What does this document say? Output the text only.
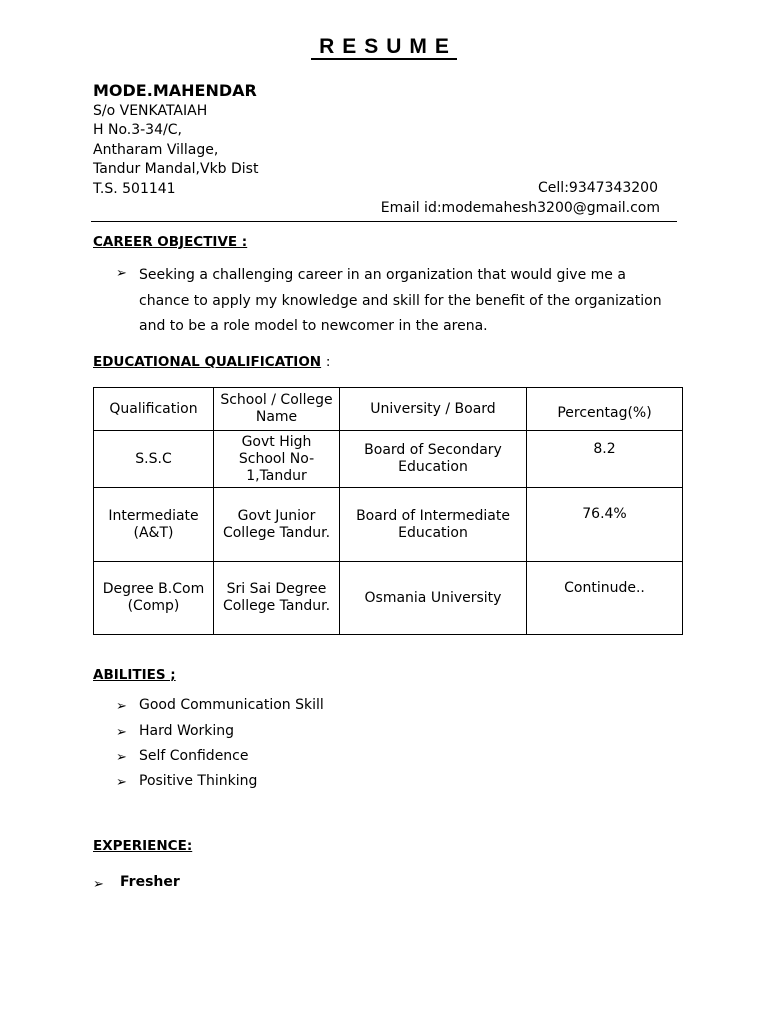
RESUME
MODE.MAHENDAR
S/o VENKATAIAH
H No.3-34/C,
Antharam Village,
Tandur Mandal,Vkb Dist
T.S. 501141	Cell:9347343200
Email id:modemahesh3200@gmail.com
CAREER OBJECTIVE :
➢ Seeking a challenging career in an organization that would give me a chance to apply my knowledge and skill for the benefit of the organization and to be a role model to newcomer in the arena.
EDUCATIONAL QUALIFICATION :
Qualification	School / College Name	University / Board	Percentag(%)
S.S.C	Govt High School No-1,Tandur	Board of Secondary Education	8.2
Intermediate (A&T)	Govt Junior College Tandur.	Board of Intermediate Education	76.4%
Degree B.Com (Comp)	Sri Sai Degree College Tandur.	Osmania University	Continude..
ABILITIES ;
➢ Good Communication Skill
➢ Hard Working
➢ Self Confidence
➢ Positive Thinking
EXPERIENCE:
➢ Fresher
